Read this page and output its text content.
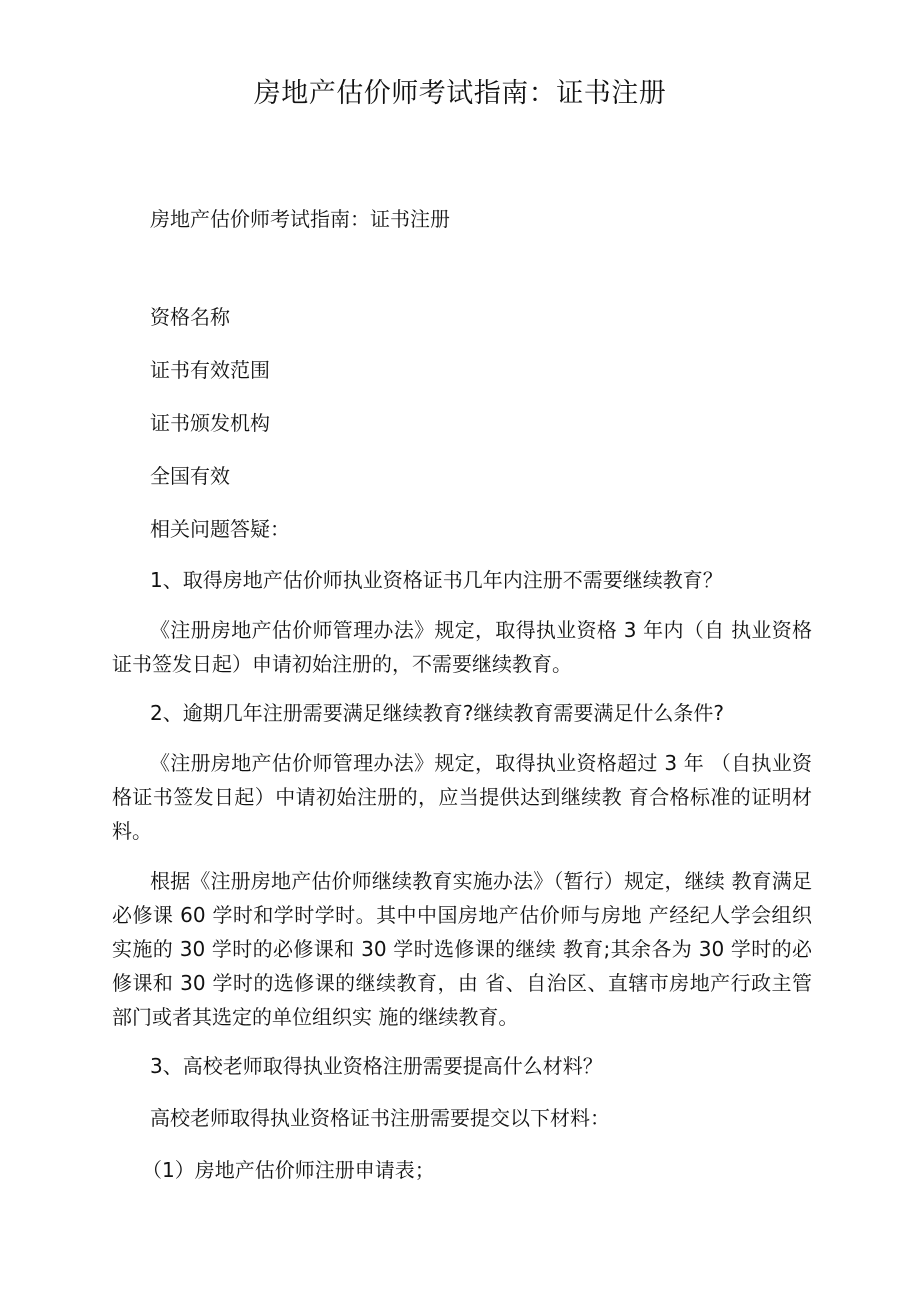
房地产估价师考试指南：证书注册
房地产估价师考试指南：证书注册
资格名称
证书有效范围
证书颁发机构
全国有效
相关问题答疑：
1、取得房地产估价师执业资格证书几年内注册不需要继续教育？
《注册房地产估价师管理办法》规定，取得执业资格 3 年内（自 执业资格证书签发日起）申请初始注册的，不需要继续教育。
2、逾期几年注册需要满足继续教育?继续教育需要满足什么条件?
《注册房地产估价师管理办法》规定，取得执业资格超过 3 年 （自执业资格证书签发日起）中请初始注册的，应当提供达到继续教 育合格标准的证明材料。
根据《注册房地产估价师继续教育实施办法》（暂行）规定，继续 教育满足必修课 60 学时和学时学时。其中中国房地产估价师与房地 产经纪人学会组织实施的 30 学时的必修课和 30 学时选修课的继续 教育;其余各为 30 学时的必修课和 30 学时的选修课的继续教育，由 省、自治区、直辖市房地产行政主管部门或者其选定的单位组织实 施的继续教育。
3、高校老师取得执业资格注册需要提高什么材料？
高校老师取得执业资格证书注册需要提交以下材料：
（1）房地产估价师注册申请表；
